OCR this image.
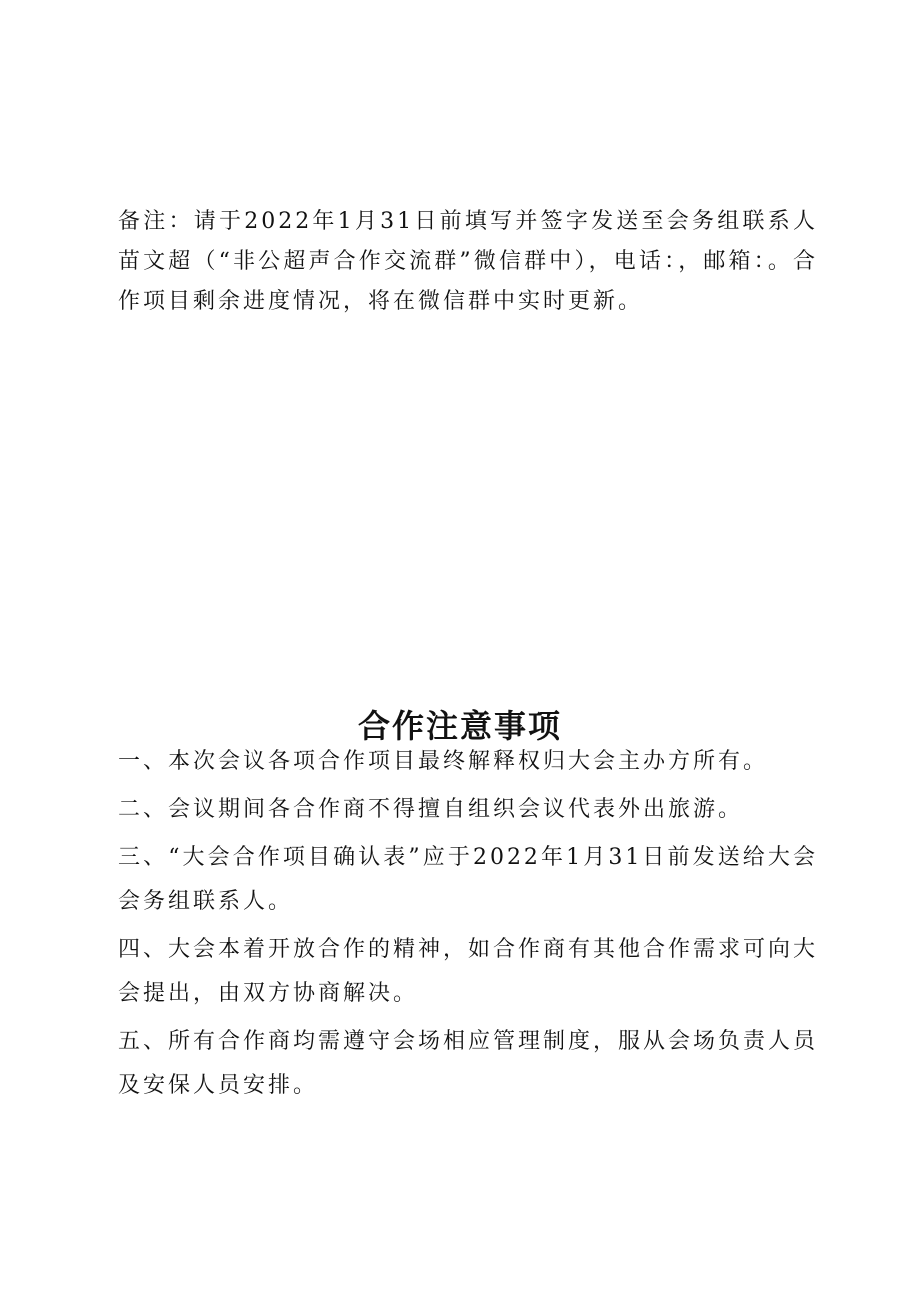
备注：请于2022年1月31日前填写并签字发送至会务组联系人苗文超（“非公超声合作交流群”微信群中），电话：，邮箱：。合作项目剩余进度情况，将在微信群中实时更新。

合作注意事项
一、本次会议各项合作项目最终解释权归大会主办方所有。
二、会议期间各合作商不得擅自组织会议代表外出旅游。
三、“大会合作项目确认表”应于2022年1月31日前发送给大会会务组联系人。
四、大会本着开放合作的精神，如合作商有其他合作需求可向大会提出，由双方协商解决。
五、所有合作商均需遵守会场相应管理制度，服从会场负责人员及安保人员安排。
